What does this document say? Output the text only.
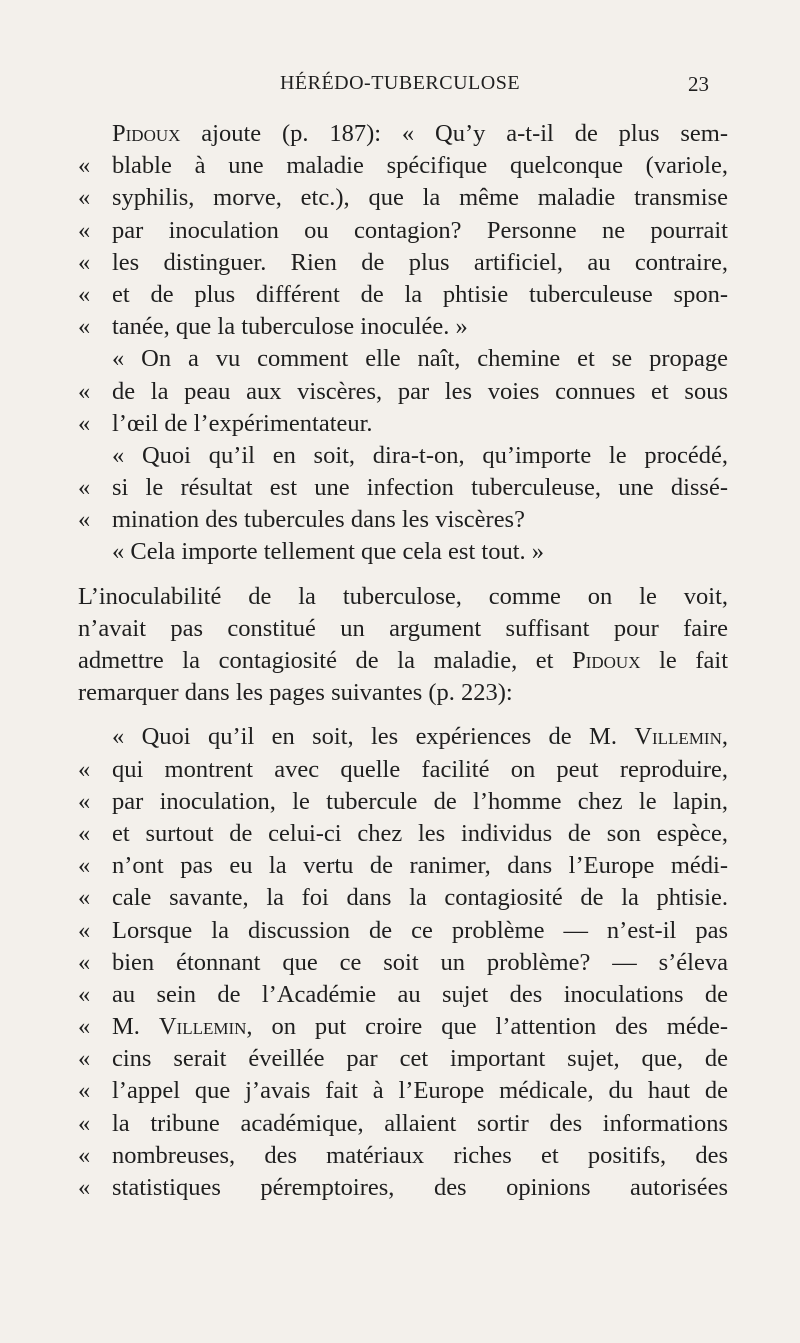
HÉRÉDO-TUBERCULOSE	23
Pidoux ajoute (p. 187): « Qu’y a-t-il de plus sem-
« blable à une maladie spécifique quelconque (variole,
« syphilis, morve, etc.), que la même maladie transmise
« par inoculation ou contagion? Personne ne pourrait
« les distinguer. Rien de plus artificiel, au contraire,
« et de plus différent de la phtisie tuberculeuse spon-
« tanée, que la tuberculose inoculée. »
« On a vu comment elle naît, chemine et se propage
« de la peau aux viscères, par les voies connues et sous
« l’œil de l’expérimentateur.
« Quoi qu’il en soit, dira-t-on, qu’importe le procédé,
« si le résultat est une infection tuberculeuse, une dissé-
« mination des tubercules dans les viscères?
« Cela importe tellement que cela est tout. »
L’inoculabilité de la tuberculose, comme on le voit,
n’avait pas constitué un argument suffisant pour faire
admettre la contagiosité de la maladie, et Pidoux le fait
remarquer dans les pages suivantes (p. 223):
« Quoi qu’il en soit, les expériences de M. Villemin,
« qui montrent avec quelle facilité on peut reproduire,
« par inoculation, le tubercule de l’homme chez le lapin,
« et surtout de celui-ci chez les individus de son espèce,
« n’ont pas eu la vertu de ranimer, dans l’Europe médi-
« cale savante, la foi dans la contagiosité de la phtisie.
« Lorsque la discussion de ce problème — n’est-il pas
« bien étonnant que ce soit un problème? — s’éleva
« au sein de l’Académie au sujet des inoculations de
« M. Villemin, on put croire que l’attention des méde-
« cins serait éveillée par cet important sujet, que, de
« l’appel que j’avais fait à l’Europe médicale, du haut de
« la tribune académique, allaient sortir des informations
« nombreuses, des matériaux riches et positifs, des
« statistiques péremptoires, des opinions autorisées
